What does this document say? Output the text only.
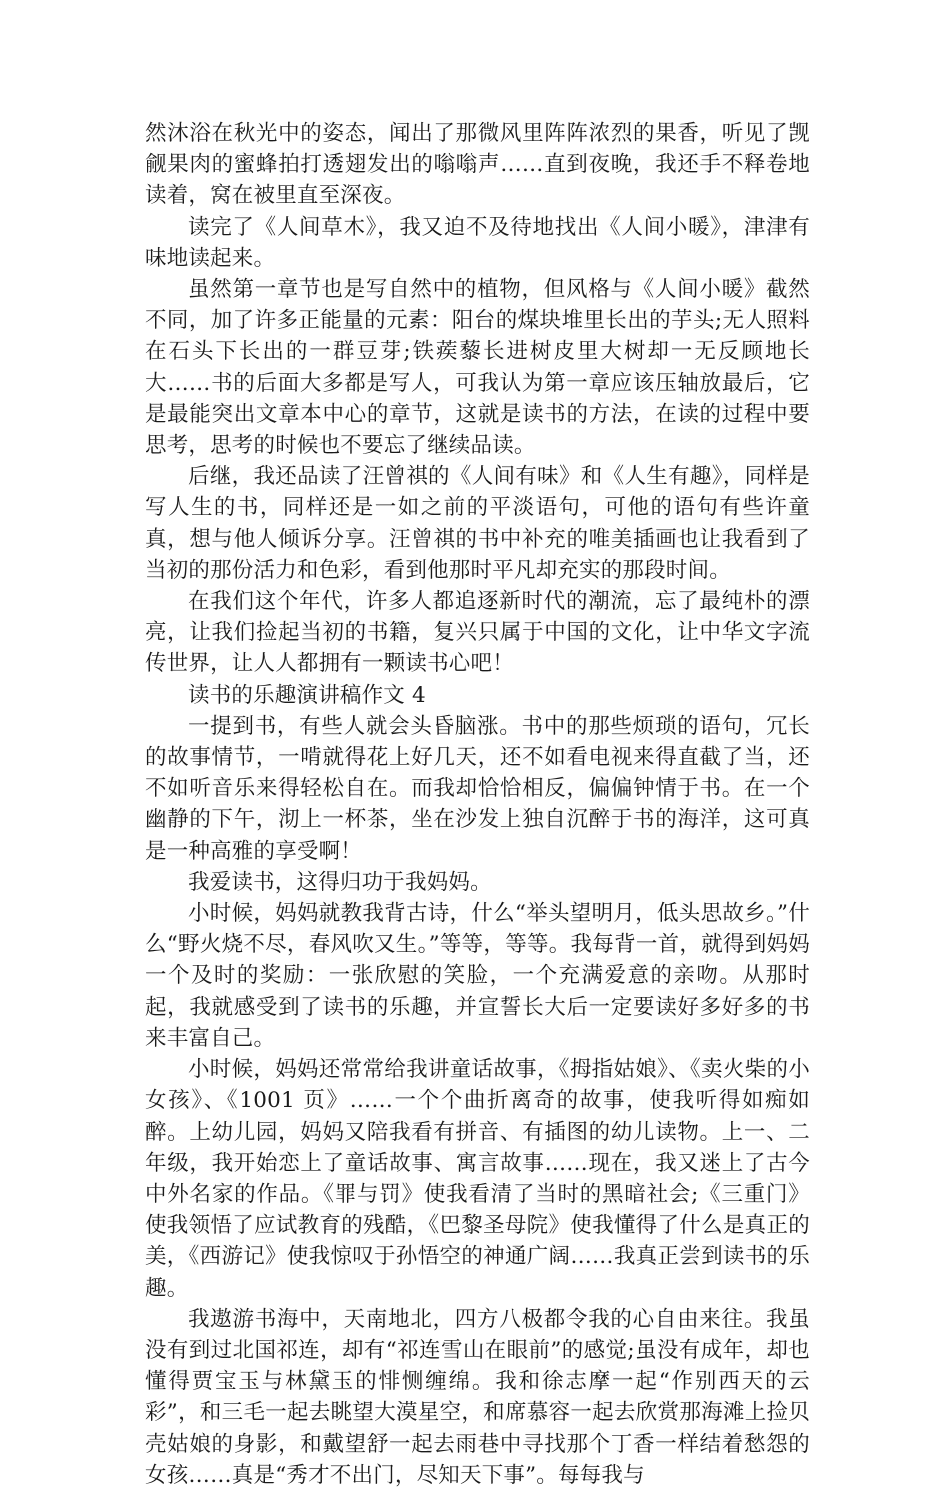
然沐浴在秋光中的姿态，闻出了那微风里阵阵浓烈的果香，听见了觊觎果肉的蜜蜂拍打透翅发出的嗡嗡声……直到夜晚，我还手不释卷地读着，窝在被里直至深夜。

读完了《人间草木》，我又迫不及待地找出《人间小暖》，津津有味地读起来。

虽然第一章节也是写自然中的植物，但风格与《人间小暖》截然不同，加了许多正能量的元素：阳台的煤块堆里长出的芋头;无人照料在石头下长出的一群豆芽;铁蒺藜长进树皮里大树却一无反顾地长大……书的后面大多都是写人，可我认为第一章应该压轴放最后，它是最能突出文章本中心的章节，这就是读书的方法，在读的过程中要思考，思考的时候也不要忘了继续品读。

后继，我还品读了汪曾祺的《人间有味》和《人生有趣》，同样是写人生的书，同样还是一如之前的平淡语句，可他的语句有些许童真，想与他人倾诉分享。汪曾祺的书中补充的唯美插画也让我看到了当初的那份活力和色彩，看到他那时平凡却充实的那段时间。

在我们这个年代，许多人都追逐新时代的潮流，忘了最纯朴的漂亮，让我们捡起当初的书籍，复兴只属于中国的文化，让中华文字流传世界，让人人都拥有一颗读书心吧！

读书的乐趣演讲稿作文 4

一提到书，有些人就会头昏脑涨。书中的那些烦琐的语句，冗长的故事情节，一啃就得花上好几天，还不如看电视来得直截了当，还不如听音乐来得轻松自在。而我却恰恰相反，偏偏钟情于书。在一个幽静的下午，沏上一杯茶，坐在沙发上独自沉醉于书的海洋，这可真是一种高雅的享受啊！

我爱读书，这得归功于我妈妈。

小时候，妈妈就教我背古诗，什么“举头望明月，低头思故乡。”什么“野火烧不尽，春风吹又生。”等等，等等。我每背一首，就得到妈妈一个及时的奖励：一张欣慰的笑脸，一个充满爱意的亲吻。从那时起，我就感受到了读书的乐趣，并宣誓长大后一定要读好多好多的书来丰富自己。

小时候，妈妈还常常给我讲童话故事，《拇指姑娘》、《卖火柴的小女孩》、《1001 页》……一个个曲折离奇的故事，使我听得如痴如醉。上幼儿园，妈妈又陪我看有拼音、有插图的幼儿读物。上一、二年级，我开始恋上了童话故事、寓言故事……现在，我又迷上了古今中外名家的作品。《罪与罚》使我看清了当时的黑暗社会;《三重门》使我领悟了应试教育的残酷，《巴黎圣母院》使我懂得了什么是真正的美，《西游记》使我惊叹于孙悟空的神通广阔……我真正尝到读书的乐趣。

我遨游书海中，天南地北，四方八极都令我的心自由来往。我虽没有到过北国祁连，却有“祁连雪山在眼前”的感觉;虽没有成年，却也懂得贾宝玉与林黛玉的悱恻缠绵。我和徐志摩一起“作别西天的云彩”，和三毛一起去眺望大漠星空，和席慕容一起去欣赏那海滩上捡贝壳姑娘的身影，和戴望舒一起去雨巷中寻找那个丁香一样结着愁怨的女孩……真是“秀才不出门，尽知天下事”。每每我与
